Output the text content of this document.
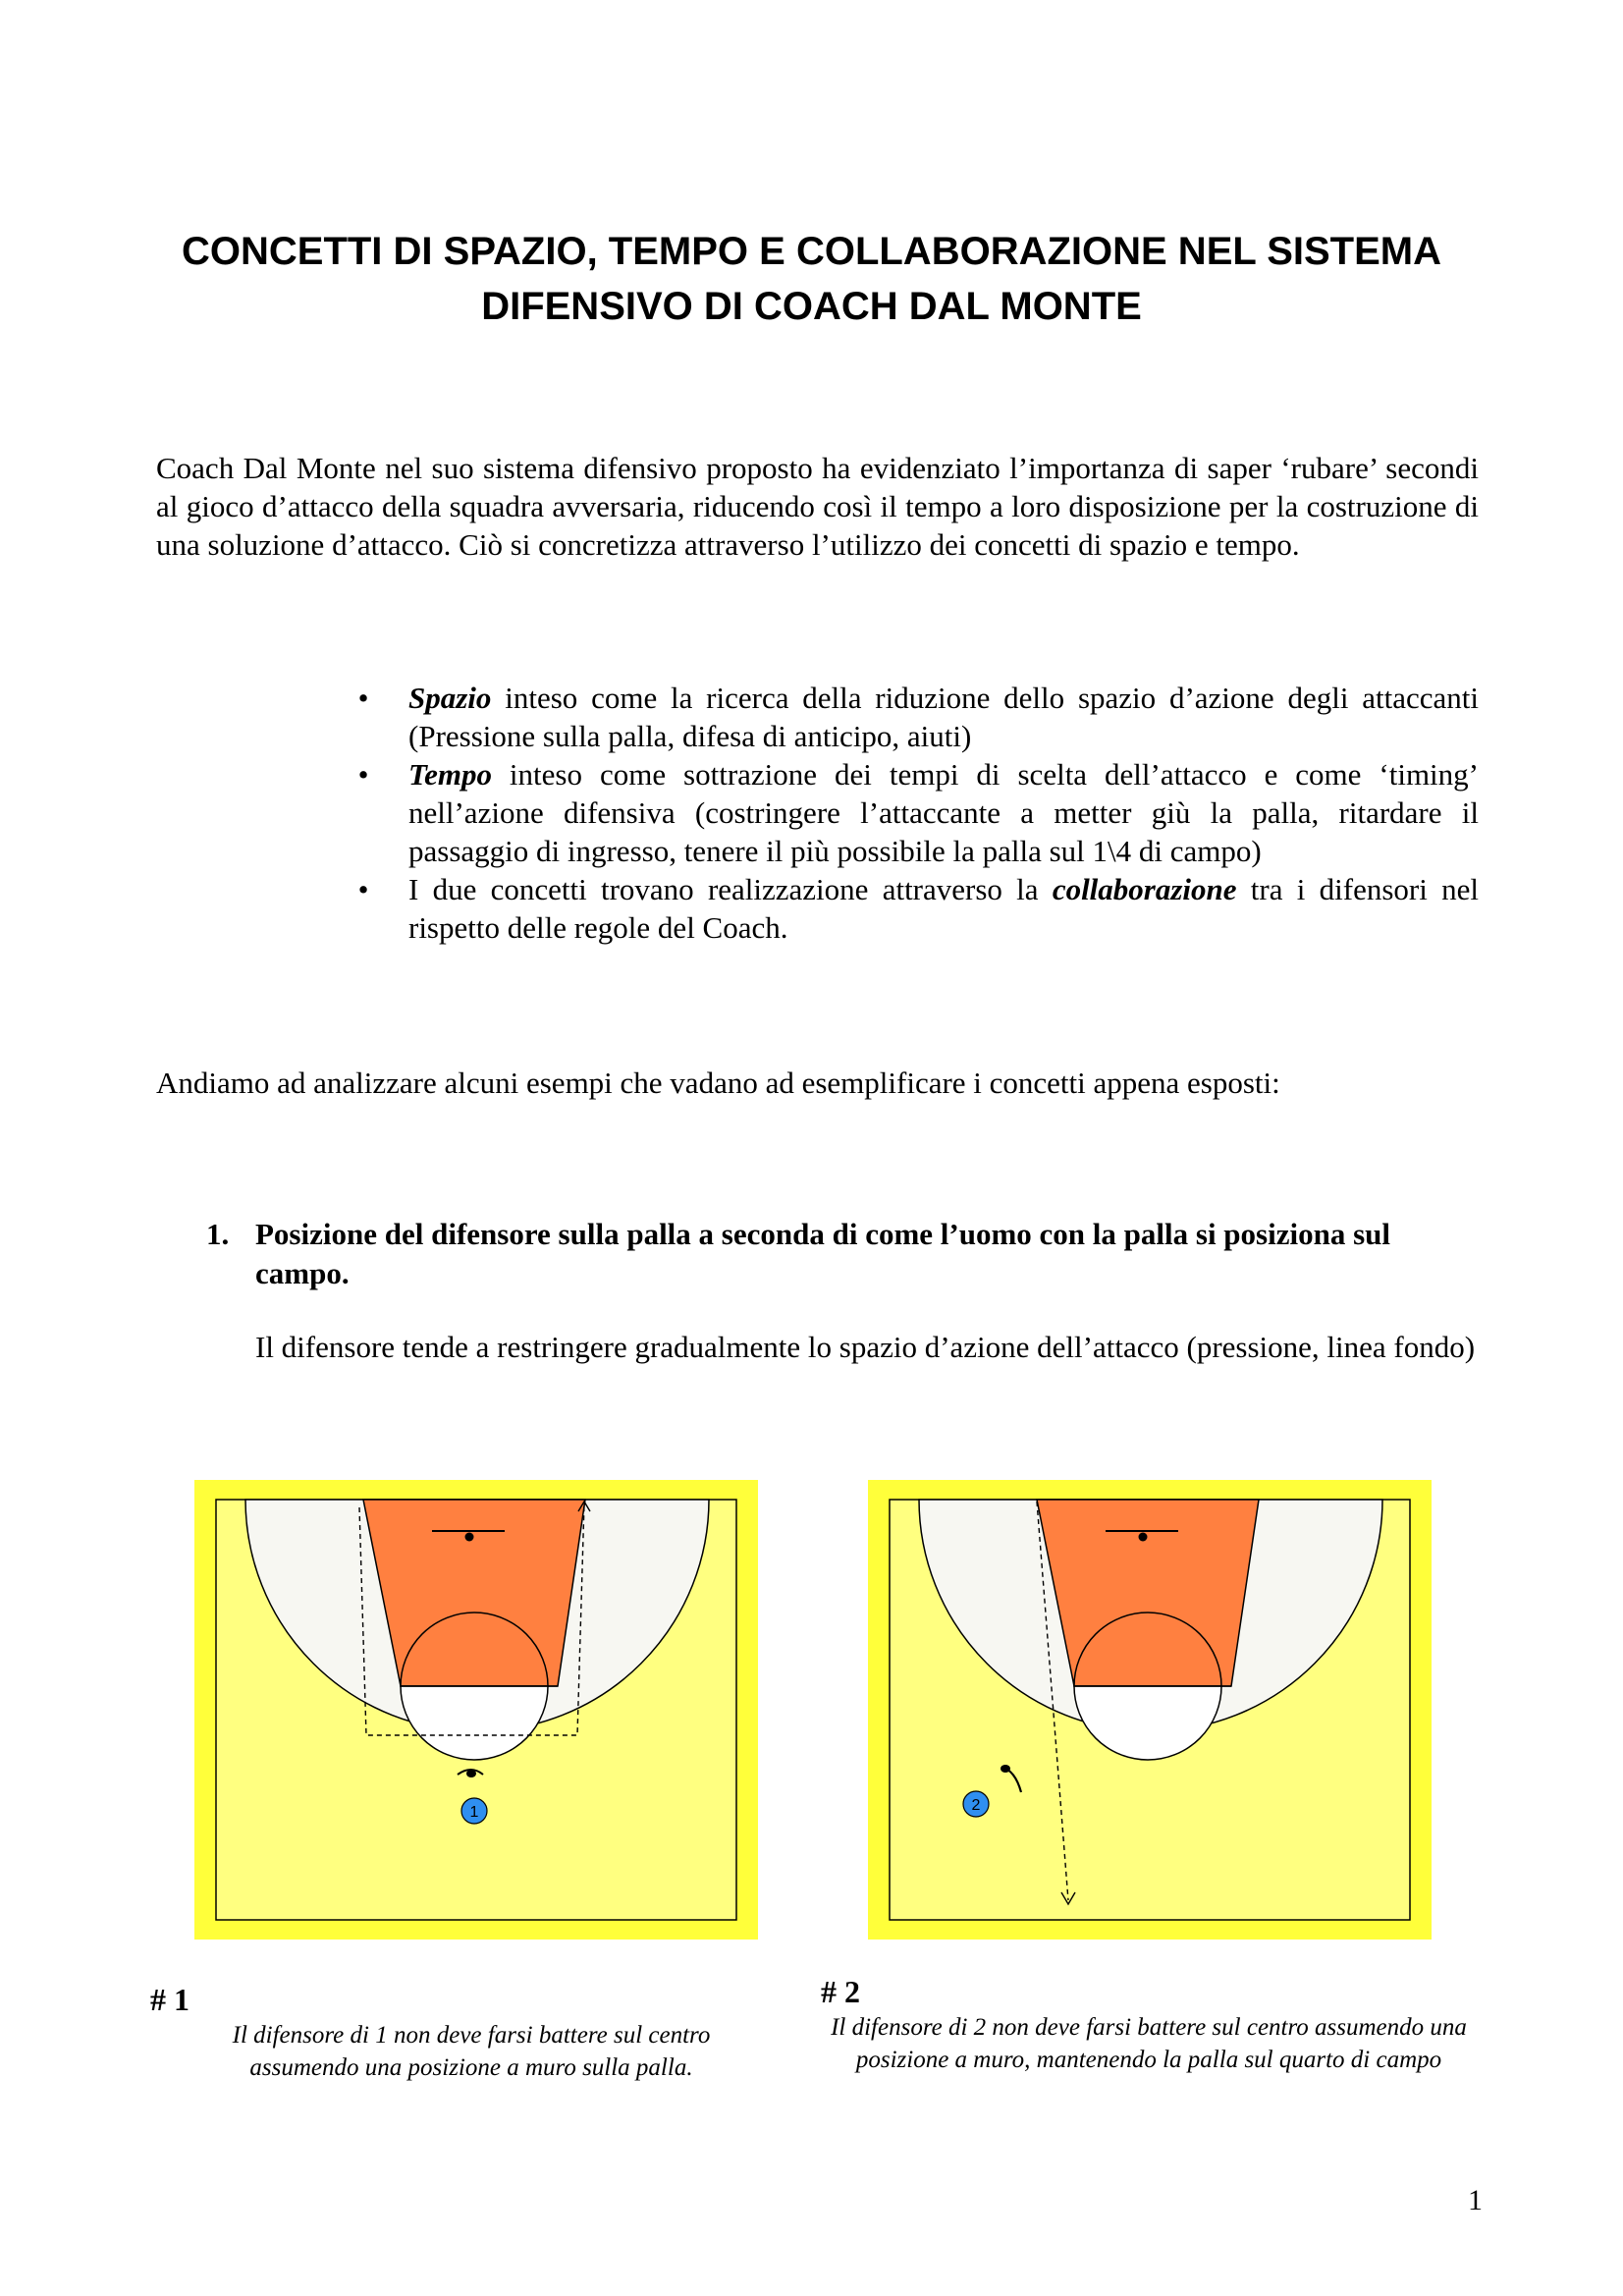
CONCETTI DI SPAZIO, TEMPO E COLLABORAZIONE NEL SISTEMA DIFENSIVO DI COACH DAL MONTE

Coach Dal Monte nel suo sistema difensivo proposto ha evidenziato l’importanza di saper ‘rubare’ secondi al gioco d’attacco della squadra avversaria, riducendo così il tempo a loro disposizione per la costruzione di una soluzione d’attacco. Ciò si concretizza attraverso l’utilizzo dei concetti di spazio e tempo.

• Spazio inteso come la ricerca della riduzione dello spazio d’azione degli attaccanti (Pressione sulla palla, difesa di anticipo, aiuti)
• Tempo inteso come sottrazione dei tempi di scelta dell’attacco e come ‘timing’ nell’azione difensiva (costringere l’attaccante a metter giù la palla, ritardare il passaggio di ingresso, tenere il più possibile la palla sul 1\4 di campo)
• I due concetti trovano realizzazione attraverso la collaborazione tra i difensori nel rispetto delle regole del Coach.

Andiamo ad analizzare alcuni esempi che vadano ad esemplificare i concetti appena esposti:

1. Posizione del difensore sulla palla a seconda di come l’uomo con la palla si posiziona sul campo.

Il difensore tende a restringere gradualmente lo spazio d’azione dell’attacco (pressione, linea fondo)

1	2
# 1
Il difensore di 1 non deve farsi battere sul centro assumendo una posizione a muro sulla palla.
# 2
Il difensore di 2 non deve farsi battere sul centro assumendo una posizione a muro, mantenendo la palla sul quarto di campo
1
